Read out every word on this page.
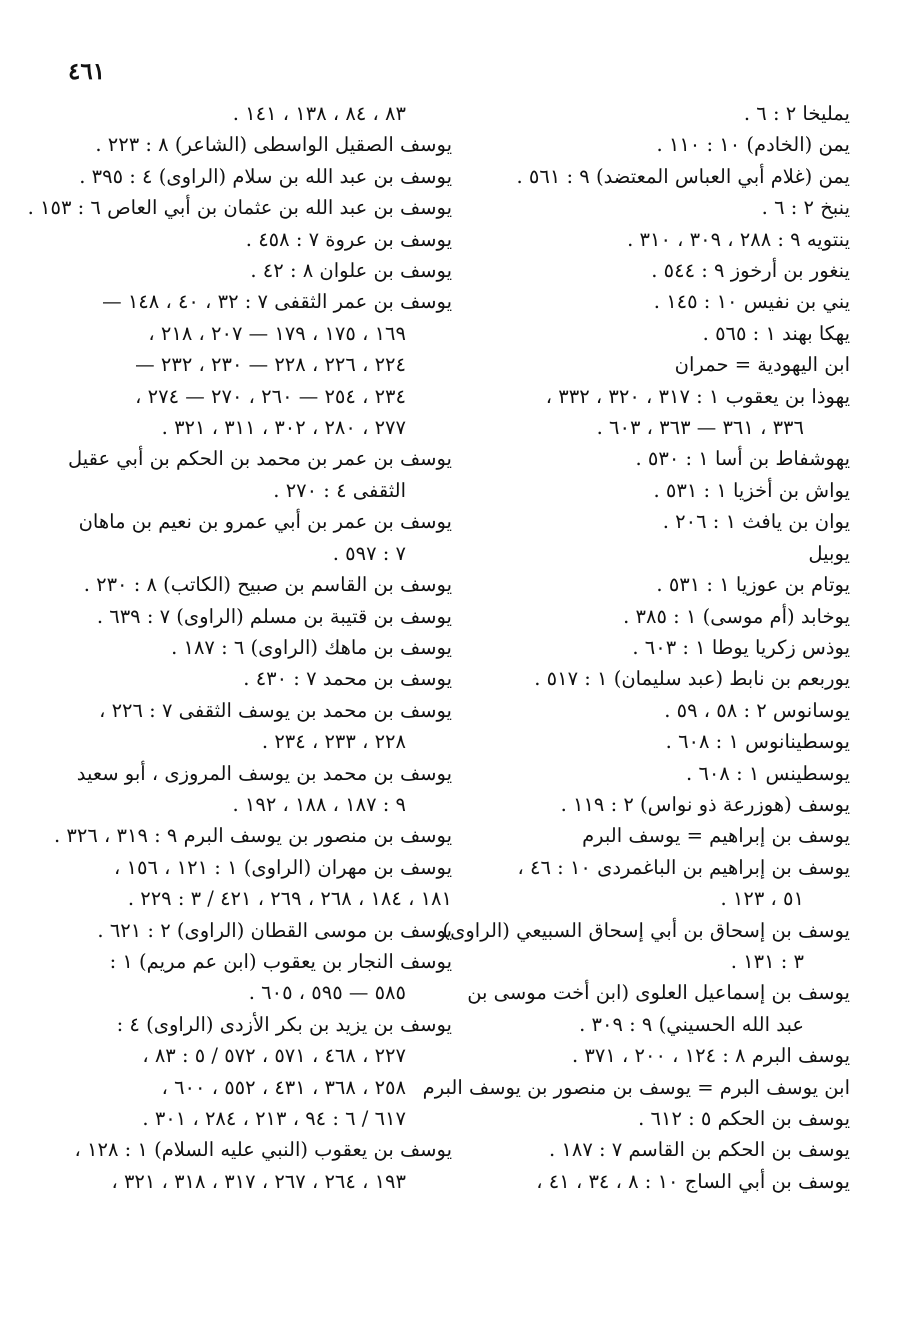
٤٦١
يمليخا ٢ : ٦ .
يمن (الخادم) ١٠ : ١١٠ .
يمن (غلام أبي العباس المعتضد) ٩ : ٥٦١ .
ينبخ ٢ : ٦ .
ينتويه ٩ : ٢٨٨ ، ٣٠٩ ، ٣١٠ .
ينغور بن أرخوز ٩ : ٥٤٤ .
يني بن نفيس ١٠ : ١٤٥ .
يهكا بهند ١ : ٥٦٥ .
ابن اليهودية = حمران
يهوذا بن يعقوب ١ : ٣١٧ ، ٣٢٠ ، ٣٣٢ ،
٣٣٦ ، ٣٦١ — ٣٦٣ ، ٦٠٣ .
يهوشفاط بن أسا ١ : ٥٣٠ .
يواش بن أخزيا ١ : ٥٣١ .
يوان بن يافث ١ : ٢٠٦ .
يوبيل
يوتام بن عوزيا ١ : ٥٣١ .
يوخابد (أم موسى) ١ : ٣٨٥ .
يوذس زكريا يوطا ١ : ٦٠٣ .
يوربعم بن نابط (عبد سليمان) ١ : ٥١٧ .
يوسانوس ٢ : ٥٨ ، ٥٩ .
يوسطينانوس ١ : ٦٠٨ .
يوسطينس ١ : ٦٠٨ .
يوسف (هوزرعة ذو نواس) ٢ : ١١٩ .
يوسف بن إبراهيم = يوسف البرم
يوسف بن إبراهيم بن الباغمردى ١٠ : ٤٦ ،
٥١ ، ١٢٣ .
يوسف بن إسحاق بن أبي إسحاق السبيعي (الراوى)
٣ : ١٣١ .
يوسف بن إسماعيل العلوى (ابن أخت موسى بن
عبد الله الحسيني) ٩ : ٣٠٩ .
يوسف البرم ٨ : ١٢٤ ، ٢٠٠ ، ٣٧١ .
ابن يوسف البرم = يوسف بن منصور بن يوسف البرم
يوسف بن الحكم ٥ : ٦١٢ .
يوسف بن الحكم بن القاسم ٧ : ١٨٧ .
يوسف بن أبي الساج ١٠ : ٨ ، ٣٤ ، ٤١ ،
٨٣ ، ٨٤ ، ١٣٨ ، ١٤١ .
يوسف الصقيل الواسطى (الشاعر) ٨ : ٢٢٣ .
يوسف بن عبد الله بن سلام (الراوى) ٤ : ٣٩٥ .
يوسف بن عبد الله بن عثمان بن أبي العاص ٦ : ١٥٣ .
يوسف بن عروة ٧ : ٤٥٨ .
يوسف بن علوان ٨ : ٤٢ .
يوسف بن عمر الثقفى ٧ : ٣٢ ، ٤٠ ، ١٤٨ —
١٦٩ ، ١٧٥ ، ١٧٩ — ٢٠٧ ، ٢١٨ ،
٢٢٤ ، ٢٢٦ ، ٢٢٨ — ٢٣٠ ، ٢٣٢ —
٢٣٤ ، ٢٥٤ — ٢٦٠ ، ٢٧٠ — ٢٧٤ ،
٢٧٧ ، ٢٨٠ ، ٣٠٢ ، ٣١١ ، ٣٢١ .
يوسف بن عمر بن محمد بن الحكم بن أبي عقيل
الثقفى ٤ : ٢٧٠ .
يوسف بن عمر بن أبي عمرو بن نعيم بن ماهان
٧ : ٥٩٧ .
يوسف بن القاسم بن صبيح (الكاتب) ٨ : ٢٣٠ .
يوسف بن قتيبة بن مسلم (الراوى) ٧ : ٦٣٩ .
يوسف بن ماهك (الراوى) ٦ : ١٨٧ .
يوسف بن محمد ٧ : ٤٣٠ .
يوسف بن محمد بن يوسف الثقفى ٧ : ٢٢٦ ،
٢٢٨ ، ٢٣٣ ، ٢٣٤ .
يوسف بن محمد بن يوسف المروزى ، أبو سعيد
٩ : ١٨٧ ، ١٨٨ ، ١٩٢ .
يوسف بن منصور بن يوسف البرم ٩ : ٣١٩ ، ٣٢٦ .
يوسف بن مهران (الراوى) ١ : ١٢١ ، ١٥٦ ،
١٨١ ، ١٨٤ ، ٢٦٨ ، ٢٦٩ ، ٤٢١ / ٣ : ٢٢٩ .
يوسف بن موسى القطان (الراوى) ٢ : ٦٢١ .
يوسف النجار بن يعقوب (ابن عم مريم) ١ :
٥٨٥ — ٥٩٥ ، ٦٠٥ .
يوسف بن يزيد بن بكر الأزدى (الراوى) ٤ :
٢٢٧ ، ٤٦٨ ، ٥٧١ ، ٥٧٢ / ٥ : ٨٣ ،
٢٥٨ ، ٣٦٨ ، ٤٣١ ، ٥٥٢ ، ٦٠٠ ،
٦١٧ / ٦ : ٩٤ ، ٢١٣ ، ٢٨٤ ، ٣٠١ .
يوسف بن يعقوب (النبي عليه السلام) ١ : ١٢٨ ،
١٩٣ ، ٢٦٤ ، ٢٦٧ ، ٣١٧ ، ٣١٨ ، ٣٢١ ،
